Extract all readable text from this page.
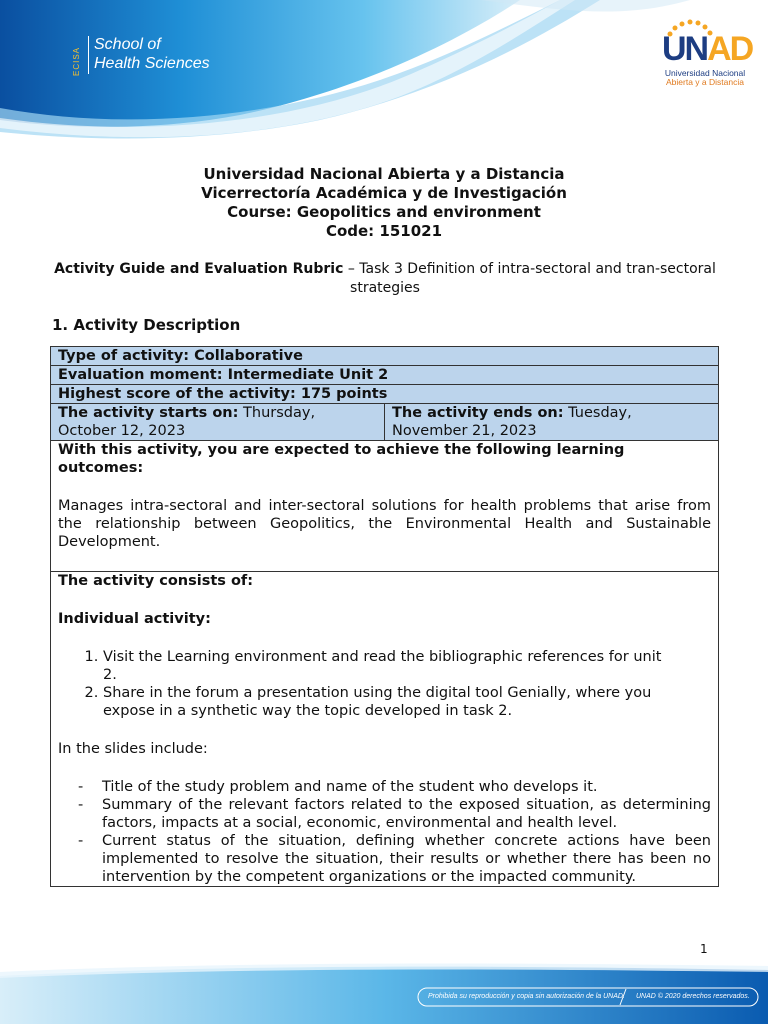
ECISA
School of
Health Sciences	UNAD
Universidad Nacional
Abierta y a Distancia
Universidad Nacional Abierta y a Distancia
Vicerrectoría Académica y de Investigación
Course: Geopolitics and environment
Code: 151021
Activity Guide and Evaluation Rubric – Task 3 Definition of intra-sectoral and tran-sectoral strategies
1. Activity Description
Type of activity: Collaborative
Evaluation moment: Intermediate Unit 2
Highest score of the activity: 175 points
The activity starts on: Thursday, October 12, 2023	The activity ends on: Tuesday, November 21, 2023

With this activity, you are expected to achieve the following learning outcomes:

Manages intra-sectoral and inter-sectoral solutions for health problems that arise from the relationship between Geopolitics, the Environmental Health and Sustainable Development.

The activity consists of:

Individual activity:

1. Visit the Learning environment and read the bibliographic references for unit 2.
2. Share in the forum a presentation using the digital tool Genially, where you expose in a synthetic way the topic developed in task 2.

In the slides include:

- Title of the study problem and name of the student who develops it.
- Summary of the relevant factors related to the exposed situation, as determining factors, impacts at a social, economic, environmental and health level.
- Current status of the situation, defining whether concrete actions have been implemented to resolve the situation, their results or whether there has been no intervention by the competent organizations or the impacted community.
1
Prohibida su reproducción y copia sin autorización de la UNAD. UNAD © 2020 derechos reservados.
